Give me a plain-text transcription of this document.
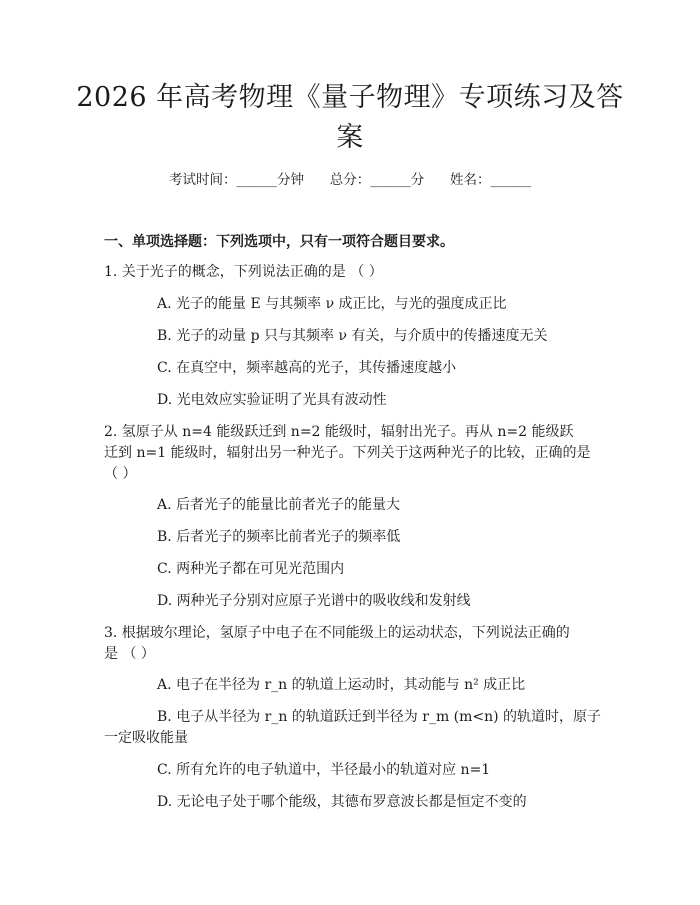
2026 年高考物理《量子物理》专项练习及答
案
考试时间：______分钟      总分：______分      姓名：______
一、单项选择题：下列选项中，只有一项符合题目要求。
1. 关于光子的概念，下列说法正确的是 （ ）
A. 光子的能量 E 与其频率 ν 成正比，与光的强度成正比
B. 光子的动量 p 只与其频率 ν 有关，与介质中的传播速度无关
C. 在真空中，频率越高的光子，其传播速度越小
D. 光电效应实验证明了光具有波动性
2. 氢原子从 n=4 能级跃迁到 n=2 能级时，辐射出光子。再从 n=2 能级跃
迁到 n=1 能级时，辐射出另一种光子。下列关于这两种光子的比较，正确的是
（ ）
A. 后者光子的能量比前者光子的能量大
B. 后者光子的频率比前者光子的频率低
C. 两种光子都在可见光范围内
D. 两种光子分别对应原子光谱中的吸收线和发射线
3. 根据玻尔理论，氢原子中电子在不同能级上的运动状态，下列说法正确的
是 （ ）
A. 电子在半径为 r_n 的轨道上运动时，其动能与 n² 成正比
B. 电子从半径为 r_n 的轨道跃迁到半径为 r_m (m<n) 的轨道时，原子
一定吸收能量
C. 所有允许的电子轨道中，半径最小的轨道对应 n=1
D. 无论电子处于哪个能级，其德布罗意波长都是恒定不变的
